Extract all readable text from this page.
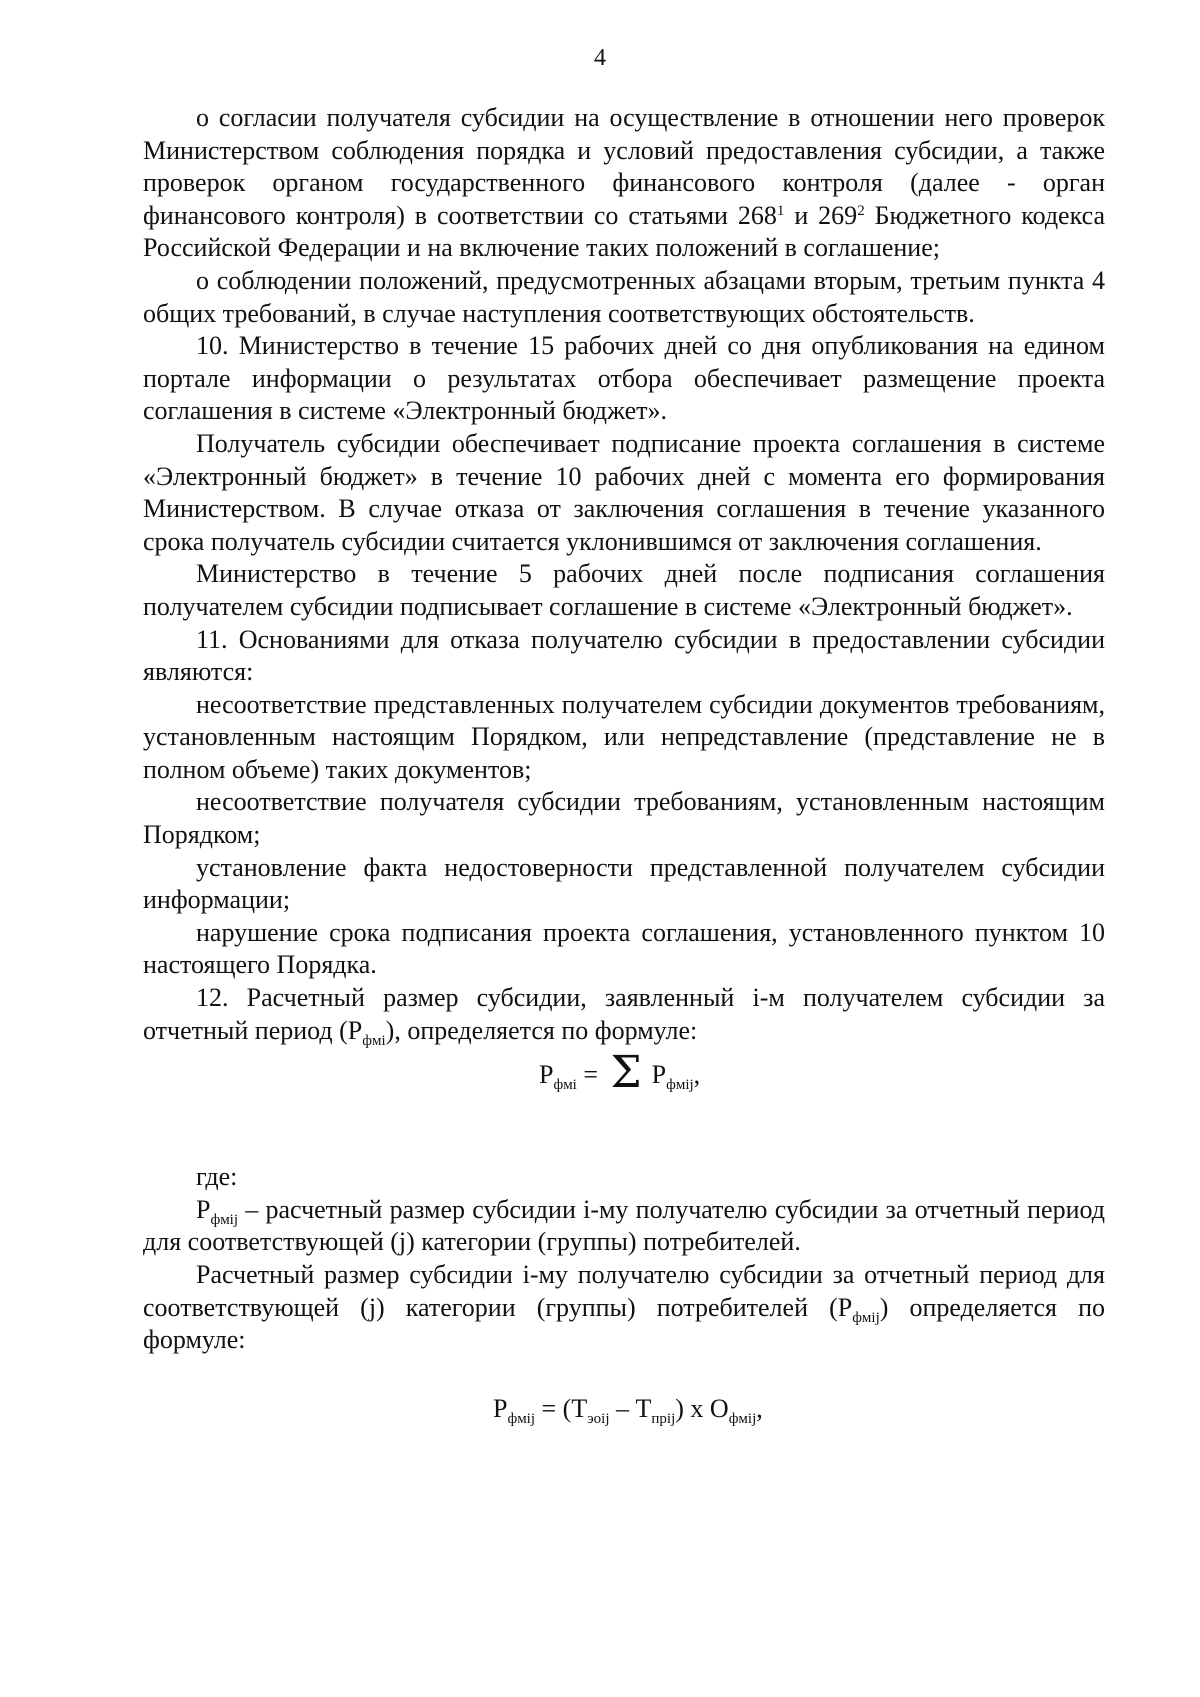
4

о согласии получателя субсидии на осуществление в отношении него проверок Министерством соблюдения порядка и условий предоставления субсидии, а также проверок органом государственного финансового контроля (далее - орган финансового контроля) в соответствии со статьями $268^1$ и $269^2$ Бюджетного кодекса Российской Федерации и на включение таких положений в соглашение;

о соблюдении положений, предусмотренных абзацами вторым, третьим пункта 4 общих требований, в случае наступления соответствующих обстоятельств.

10. Министерство в течение 15 рабочих дней со дня опубликования на едином портале информации о результатах отбора обеспечивает размещение проекта соглашения в системе «Электронный бюджет».

Получатель субсидии обеспечивает подписание проекта соглашения в системе «Электронный бюджет» в течение 10 рабочих дней с момента его формирования Министерством. В случае отказа от заключения соглашения в течение указанного срока получатель субсидии считается уклонившимся от заключения соглашения.

Министерство в течение 5 рабочих дней после подписания соглашения получателем субсидии подписывает соглашение в системе «Электронный бюджет».

11. Основаниями для отказа получателю субсидии в предоставлении субсидии являются:

несоответствие представленных получателем субсидии документов требованиям, установленным настоящим Порядком, или непредставление (представление не в полном объеме) таких документов;

несоответствие получателя субсидии требованиям, установленным настоящим Порядком;

установление факта недостоверности представленной получателем субсидии информации;

нарушение срока подписания проекта соглашения, установленного пунктом 10 настоящего Порядка.

12. Расчетный размер субсидии, заявленный i-м получателем субсидии за отчетный период $(Р_{фмi})$, определяется по формуле:

$Р_{фмi} = \Sigma$ $Р_{фмij}$,

где:

$Р_{фмij}$ – расчетный размер субсидии i-му получателю субсидии за отчетный период для соответствующей (j) категории (группы) потребителей.

Расчетный размер субсидии i-му получателю субсидии за отчетный период для соответствующей (j) категории (группы) потребителей $(Р_{фмij})$ определяется по формуле:

$Р_{фмij} = (Т_{эоij} - Т_{прij})$ х $О_{фмij}$,
